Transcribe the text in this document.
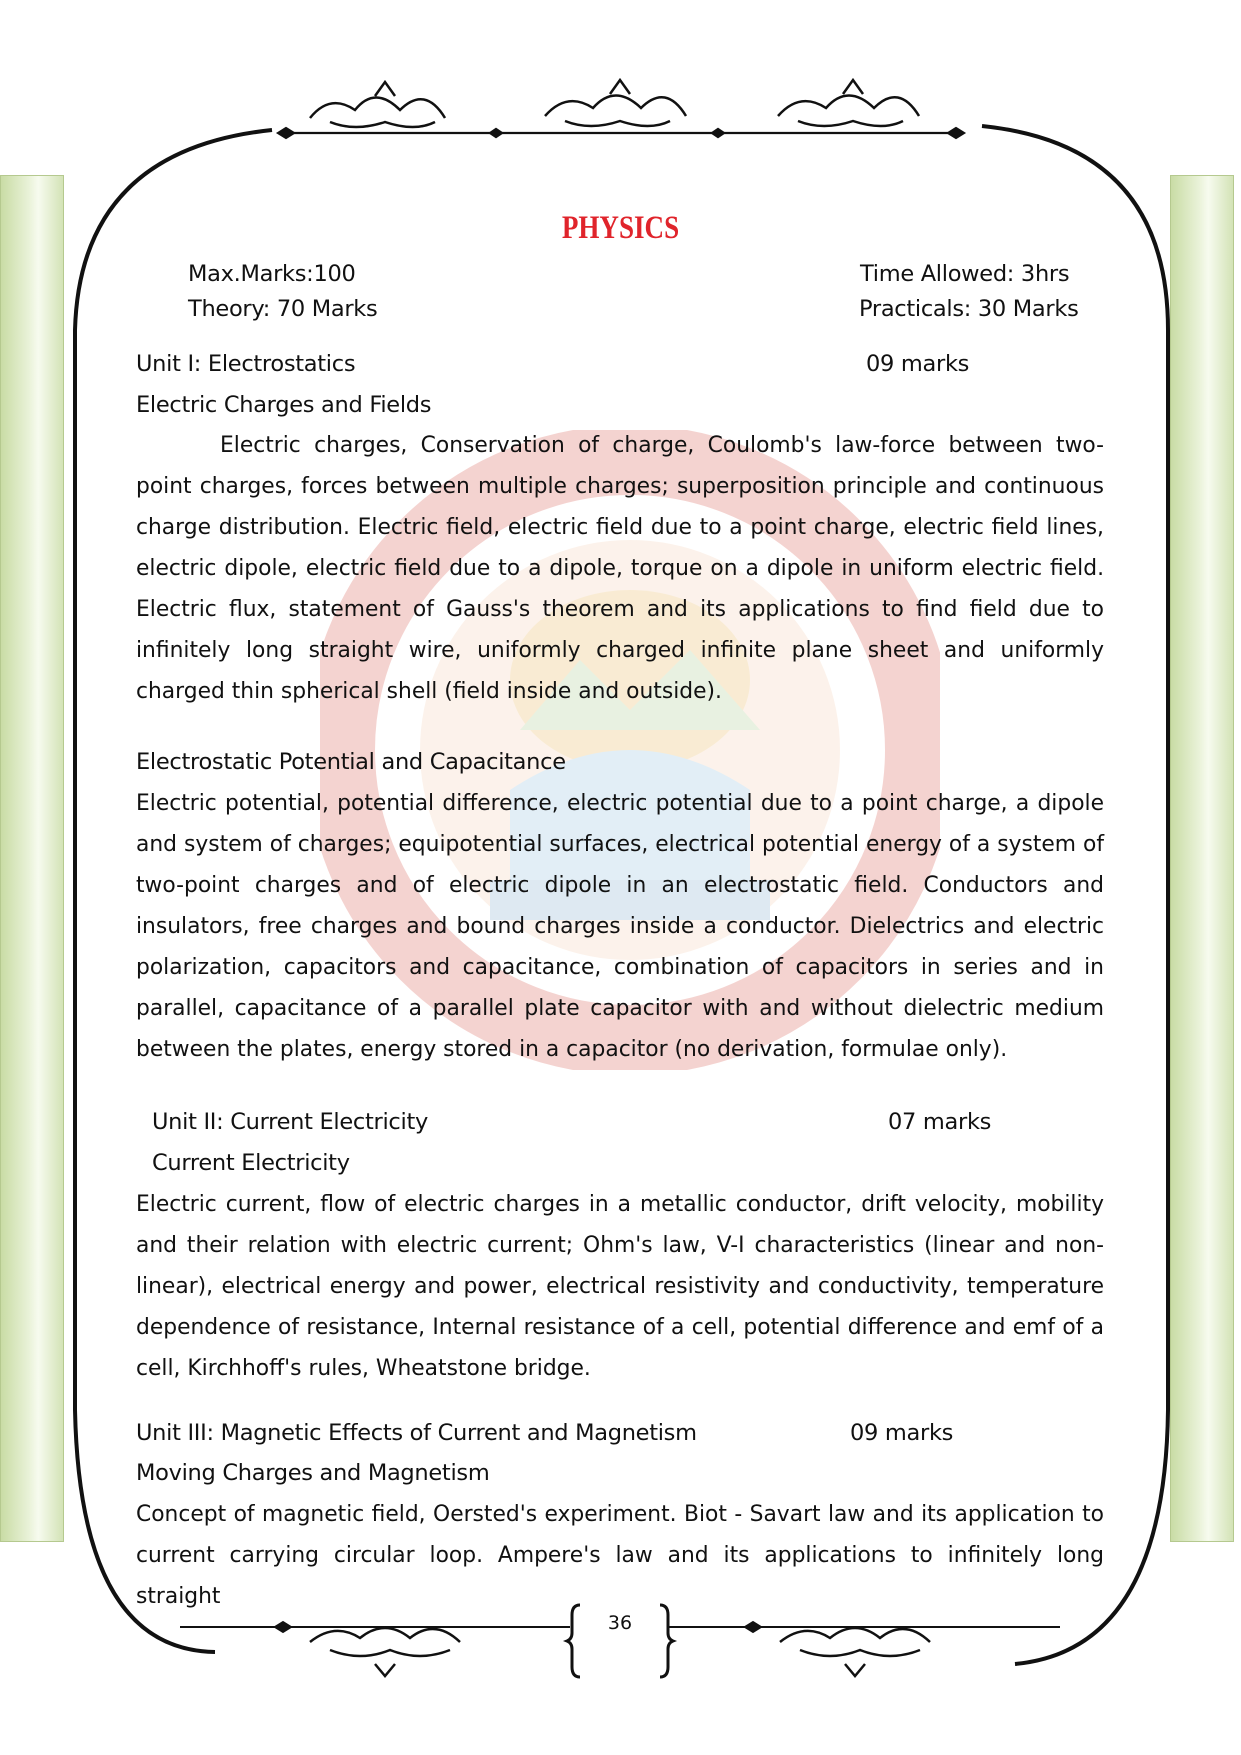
PHYSICS
Max.Marks:100	Time Allowed: 3hrs
Theory: 70 Marks	Practicals: 30 Marks
Unit I: Electrostatics	09 marks
Electric Charges and Fields
Electric charges, Conservation of charge, Coulomb's law-force between two- point charges, forces between multiple charges; superposition principle and continuous charge distribution. Electric field, electric field due to a point charge, electric field lines, electric dipole, electric field due to a dipole, torque on a dipole in uniform electric field. Electric flux, statement of Gauss's theorem and its applications to find field due to infinitely long straight wire, uniformly charged infinite plane sheet and uniformly charged thin spherical shell (field inside and outside).
Electrostatic Potential and Capacitance
Electric potential, potential difference, electric potential due to a point charge, a dipole and system of charges; equipotential surfaces, electrical potential energy of a system of two-point charges and of electric dipole in an electrostatic field. Conductors and insulators, free charges and bound charges inside a conductor. Dielectrics and electric polarization, capacitors and capacitance, combination of capacitors in series and in parallel, capacitance of a parallel plate capacitor with and without dielectric medium between the plates, energy stored in a capacitor (no derivation, formulae only).
Unit II: Current Electricity	07 marks
Current Electricity
Electric current, flow of electric charges in a metallic conductor, drift velocity, mobility and their relation with electric current; Ohm's law, V-I characteristics (linear and non-linear), electrical energy and power, electrical resistivity and conductivity, temperature dependence of resistance, Internal resistance of a cell, potential difference and emf of a cell, Kirchhoff's rules, Wheatstone bridge.
Unit III: Magnetic Effects of Current and Magnetism	09 marks
Moving Charges and Magnetism
Concept of magnetic field, Oersted's experiment. Biot - Savart law and its application to current carrying circular loop. Ampere's law and its applications to infinitely long straight
36
